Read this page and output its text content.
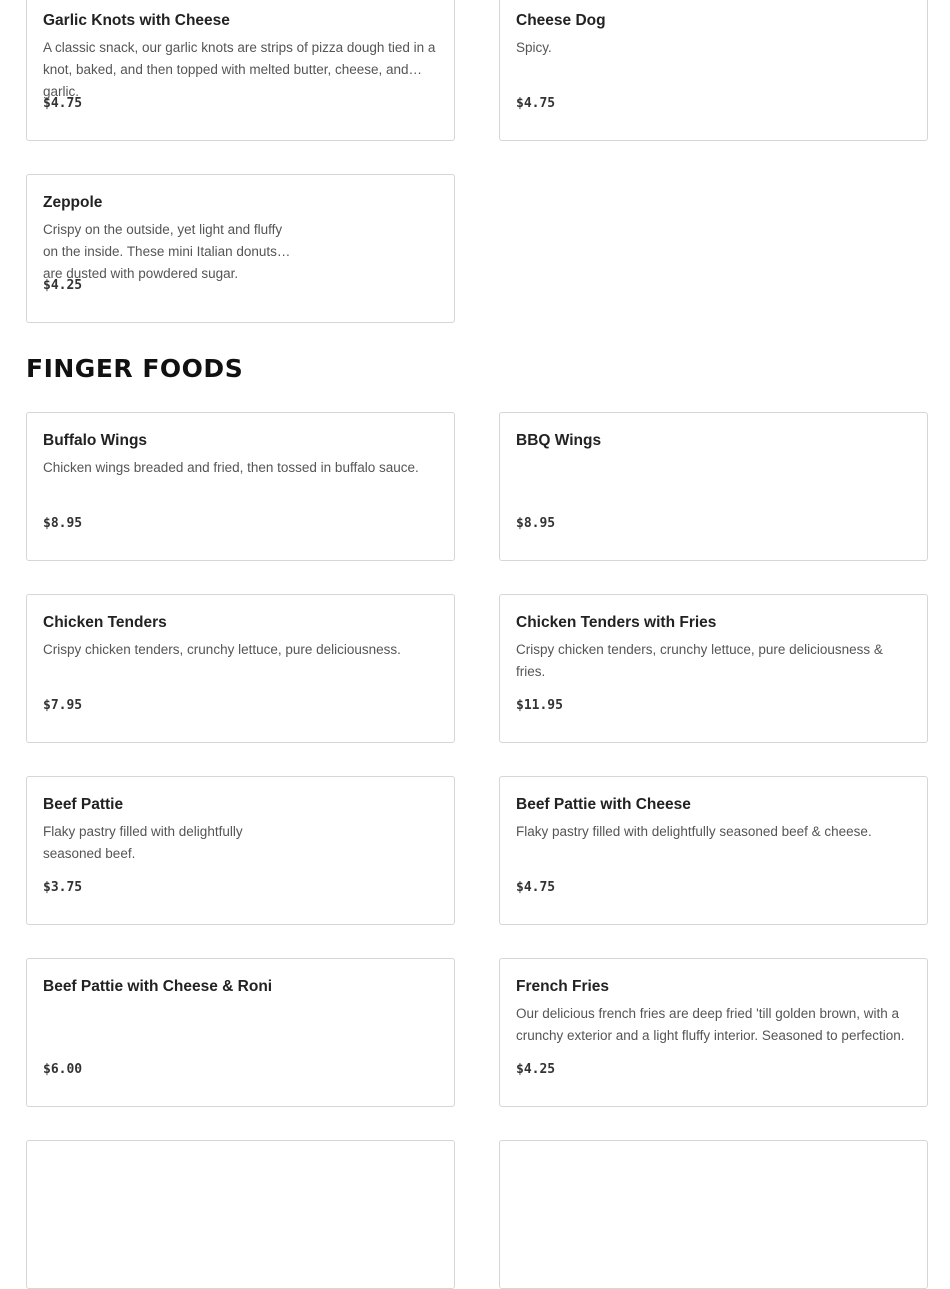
Garlic Knots with Cheese
A classic snack, our garlic knots are strips of pizza dough tied in a knot, baked, and then topped with melted butter, cheese, and garlic.
$4.75
Cheese Dog
Spicy.
$4.75
Zeppole
Crispy on the outside, yet light and fluffy on the inside. These mini Italian donuts are dusted with powdered sugar.
$4.25
FINGER FOODS
Buffalo Wings
Chicken wings breaded and fried, then tossed in buffalo sauce.
$8.95
BBQ Wings
$8.95
Chicken Tenders
Crispy chicken tenders, crunchy lettuce, pure deliciousness.
$7.95
Chicken Tenders with Fries
Crispy chicken tenders, crunchy lettuce, pure deliciousness & fries.
$11.95
Beef Pattie
Flaky pastry filled with delightfully seasoned beef.
$3.75
Beef Pattie with Cheese
Flaky pastry filled with delightfully seasoned beef & cheese.
$4.75
Beef Pattie with Cheese & Roni
$6.00
French Fries
Our delicious french fries are deep fried 'till golden brown, with a crunchy exterior and a light fluffy interior. Seasoned to perfection.
$4.25
